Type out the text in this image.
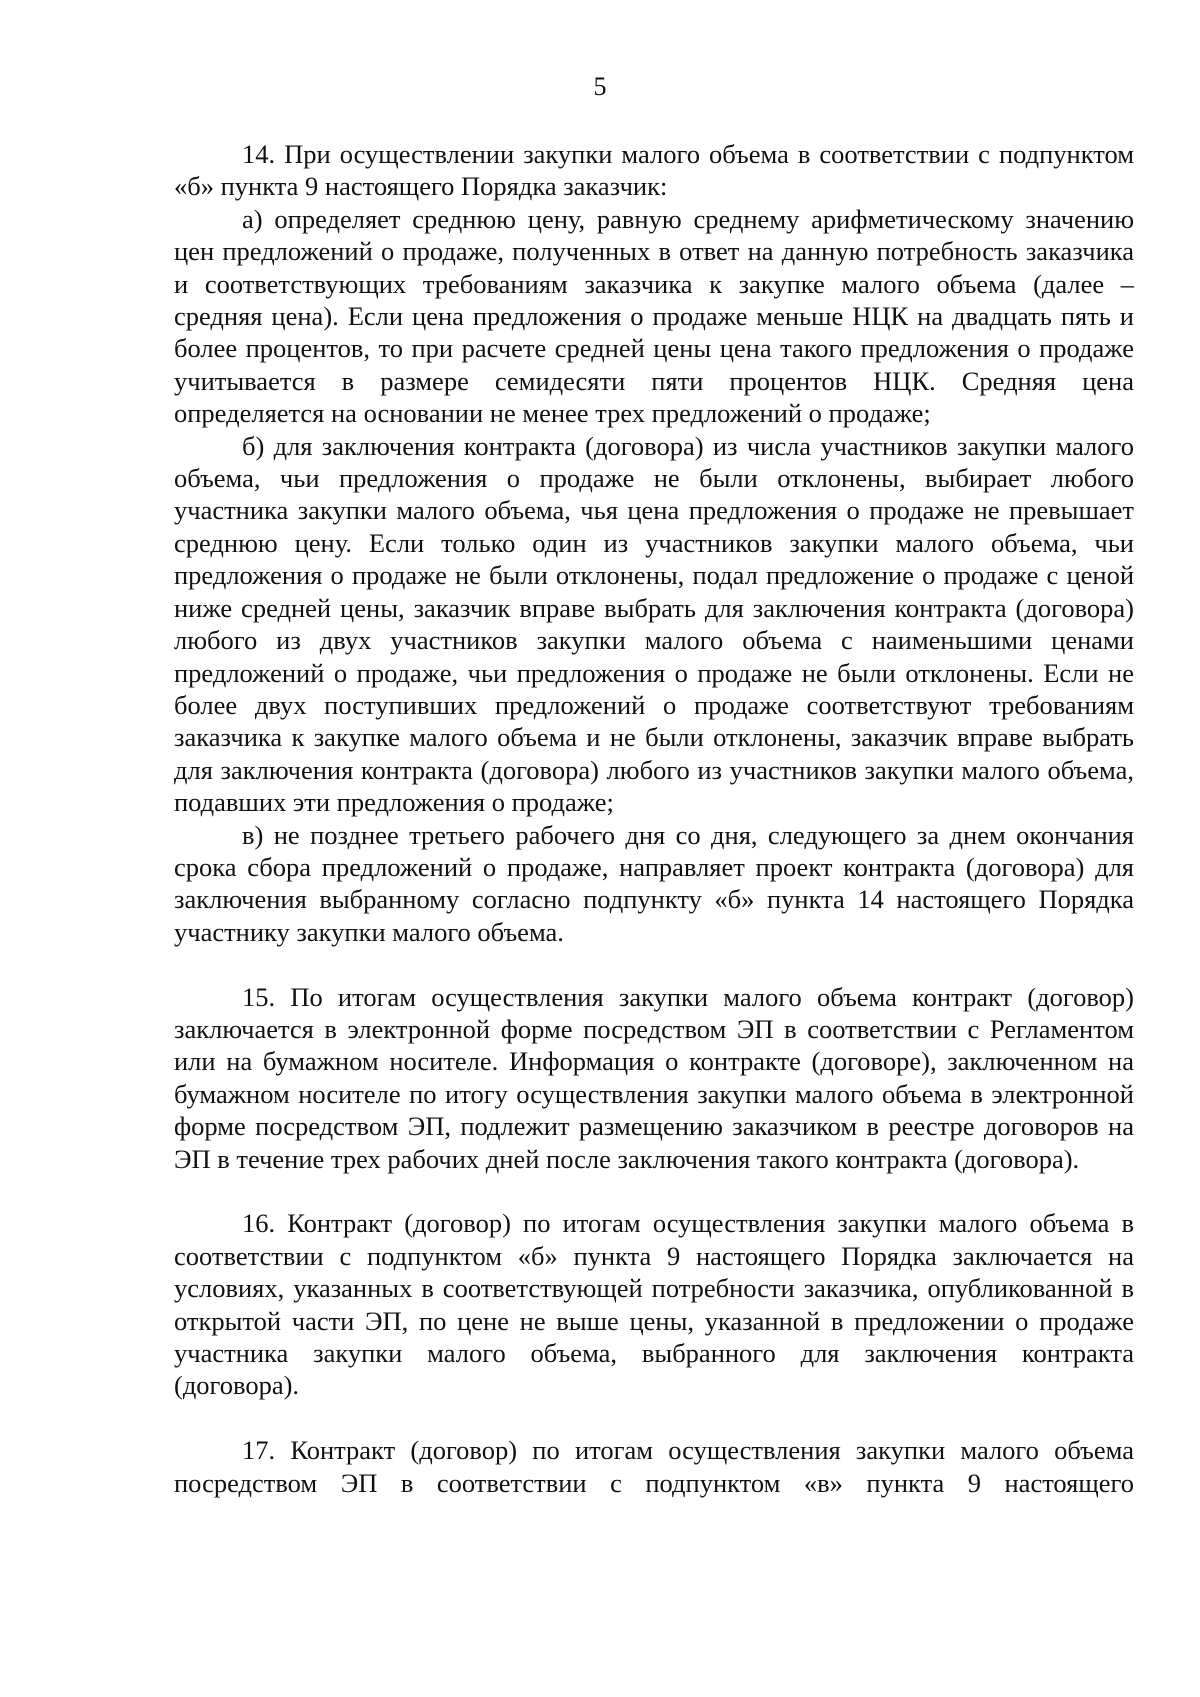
5

14. При осуществлении закупки малого объема в соответствии с подпунктом «б» пункта 9 настоящего Порядка заказчик:

а) определяет среднюю цену, равную среднему арифметическому значению цен предложений о продаже, полученных в ответ на данную потребность заказчика и соответствующих требованиям заказчика к закупке малого объема (далее – средняя цена). Если цена предложения о продаже меньше НЦК на двадцать пять и более процентов, то при расчете средней цены цена такого предложения о продаже учитывается в размере семидесяти пяти процентов НЦК. Средняя цена определяется на основании не менее трех предложений о продаже;

б) для заключения контракта (договора) из числа участников закупки малого объема, чьи предложения о продаже не были отклонены, выбирает любого участника закупки малого объема, чья цена предложения о продаже не превышает среднюю цену. Если только один из участников закупки малого объема, чьи предложения о продаже не были отклонены, подал предложение о продаже с ценой ниже средней цены, заказчик вправе выбрать для заключения контракта (договора) любого из двух участников закупки малого объема с наименьшими ценами предложений о продаже, чьи предложения о продаже не были отклонены. Если не более двух поступивших предложений о продаже соответствуют требованиям заказчика к закупке малого объема и не были отклонены, заказчик вправе выбрать для заключения контракта (договора) любого из участников закупки малого объема, подавших эти предложения о продаже;

в) не позднее третьего рабочего дня со дня, следующего за днем окончания срока сбора предложений о продаже, направляет проект контракта (договора) для заключения выбранному согласно подпункту «б» пункта 14 настоящего Порядка участнику закупки малого объема.

15. По итогам осуществления закупки малого объема контракт (договор) заключается в электронной форме посредством ЭП в соответствии с Регламентом или на бумажном носителе. Информация о контракте (договоре), заключенном на бумажном носителе по итогу осуществления закупки малого объема в электронной форме посредством ЭП, подлежит размещению заказчиком в реестре договоров на ЭП в течение трех рабочих дней после заключения такого контракта (договора).

16. Контракт (договор) по итогам осуществления закупки малого объема в соответствии с подпунктом «б» пункта 9 настоящего Порядка заключается на условиях, указанных в соответствующей потребности заказчика, опубликованной в открытой части ЭП, по цене не выше цены, указанной в предложении о продаже участника закупки малого объема, выбранного для заключения контракта (договора).

17. Контракт (договор) по итогам осуществления закупки малого объема посредством ЭП в соответствии с подпунктом «в» пункта 9 настоящего
